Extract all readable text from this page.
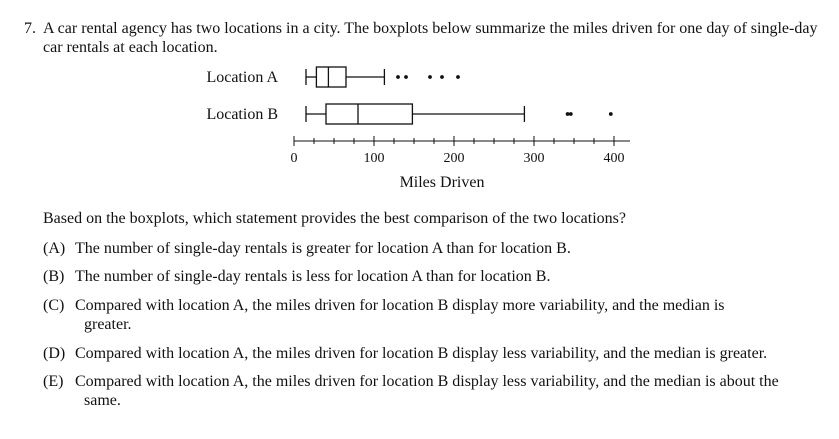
7. A car rental agency has two locations in a city. The boxplots below summarize the miles driven for one day of single-day car rentals at each location.
Location A
Location B
0	100	200	300	400
Miles Driven
Based on the boxplots, which statement provides the best comparison of the two locations?
(A) The number of single-day rentals is greater for location A than for location B.
(B) The number of single-day rentals is less for location A than for location B.
(C) Compared with location A, the miles driven for location B display more variability, and the median is greater.
(D) Compared with location A, the miles driven for location B display less variability, and the median is greater.
(E) Compared with location A, the miles driven for location B display less variability, and the median is about the same.
